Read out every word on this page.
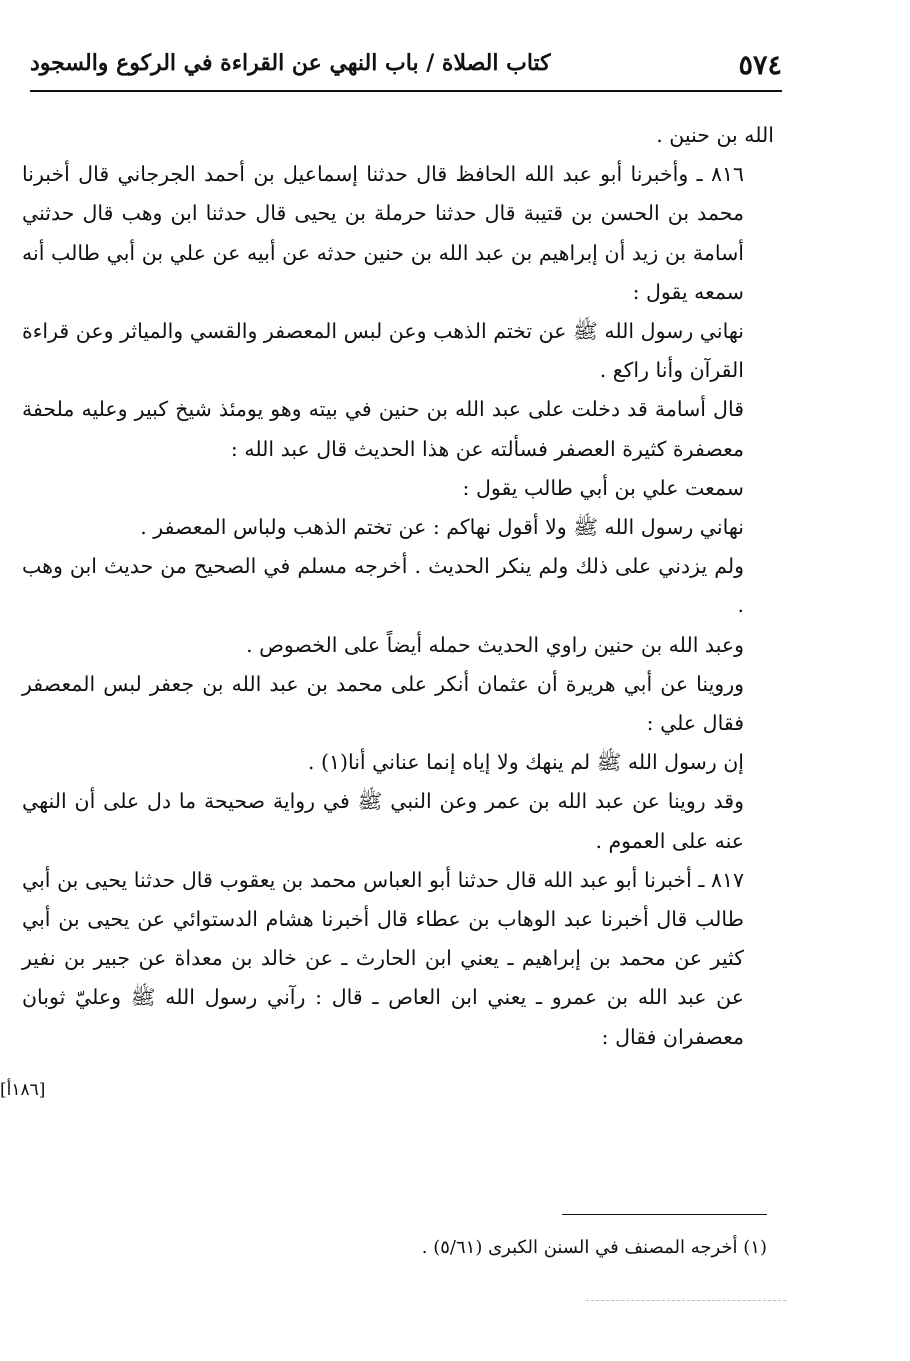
٥٧٤
كتاب الصلاة / باب النهي عن القراءة في الركوع والسجود

الله بن حنين .

٨١٦ ـ وأخبرنا أبو عبد الله الحافظ قال حدثنا إسماعيل بن أحمد الجرجاني قال أخبرنا محمد بن الحسن بن قتيبة قال حدثنا حرملة بن يحيى قال حدثنا ابن وهب قال حدثني أسامة بن زيد أن إبراهيم بن عبد الله بن حنين حدثه عن أبيه عن علي بن أبي طالب أنه سمعه يقول :

نهاني رسول الله ﷺ عن تختم الذهب وعن لبس المعصفر والقسي والمياثر وعن قراءة القرآن وأنا راكع .

قال أسامة قد دخلت على عبد الله بن حنين في بيته وهو يومئذ شيخ كبير وعليه ملحفة معصفرة كثيرة العصفر فسألته عن هذا الحديث قال عبد الله :

سمعت علي بن أبي طالب يقول :

نهاني رسول الله ﷺ ولا أقول نهاكم : عن تختم الذهب ولباس المعصفر .

ولم يزدني على ذلك ولم ينكر الحديث . أخرجه مسلم في الصحيح من حديث ابن وهب .

وعبد الله بن حنين راوي الحديث حمله أيضاً على الخصوص .

وروينا عن أبي هريرة أن عثمان أنكر على محمد بن عبد الله بن جعفر لبس المعصفر فقال علي :

إن رسول الله ﷺ لم ينهك ولا إياه إنما عناني أنا(١) .

وقد روينا عن عبد الله بن عمر وعن النبي ﷺ في رواية صحيحة ما دل على أن النهي عنه على العموم .

٨١٧ ـ أخبرنا أبو عبد الله قال حدثنا أبو العباس محمد بن يعقوب قال حدثنا يحيى بن أبي طالب قال أخبرنا عبد الوهاب بن عطاء قال أخبرنا هشام الدستوائي عن يحيى بن أبي كثير عن محمد بن إبراهيم ـ يعني ابن الحارث ـ عن خالد بن معداة عن جبير بن نفير عن عبد الله بن عمرو ـ يعني ابن العاص ـ قال : رآني رسول الله ﷺ وعليّ ثوبان معصفران فقال :

[١٨٦أ]
(١) أخرجه المصنف في السنن الكبرى (٥/٦١) .
